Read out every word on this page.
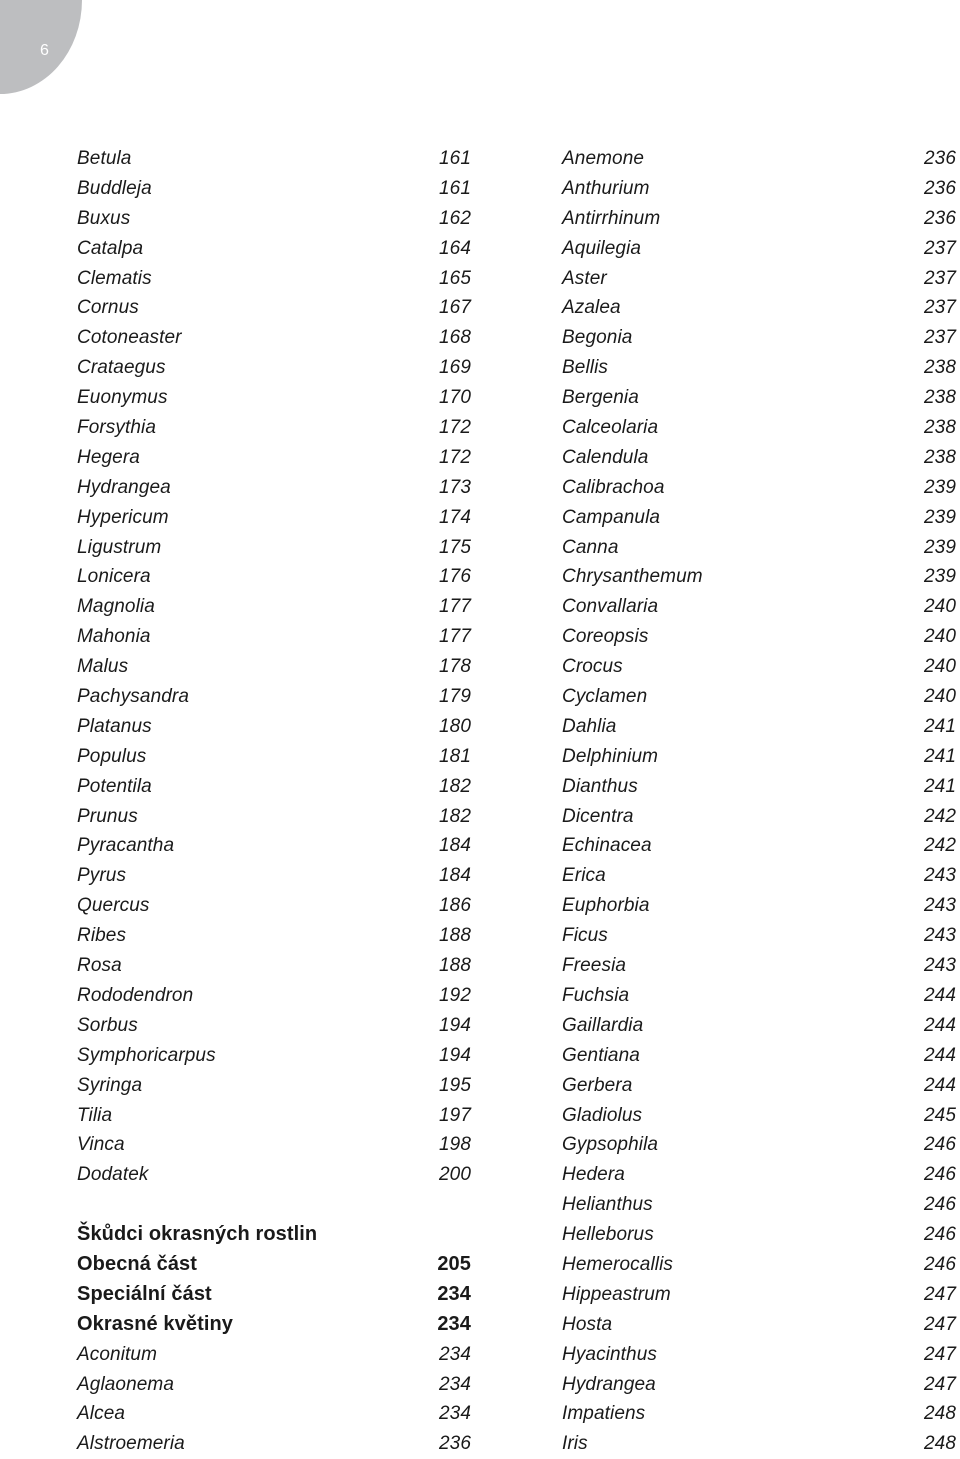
6
Betula	161
Buddleja	161
Buxus	162
Catalpa	164
Clematis	165
Cornus	167
Cotoneaster	168
Crataegus	169
Euonymus	170
Forsythia	172
Hegera	172
Hydrangea	173
Hypericum	174
Ligustrum	175
Lonicera	176
Magnolia	177
Mahonia	177
Malus	178
Pachysandra	179
Platanus	180
Populus	181
Potentila	182
Prunus	182
Pyracantha	184
Pyrus	184
Quercus	186
Ribes	188
Rosa	188
Rododendron	192
Sorbus	194
Symphoricarpus	194
Syringa	195
Tilia	197
Vinca	198
Dodatek	200
Škůdci okrasných rostlin
Obecná část	205
Speciální část	234
Okrasné květiny	234
Aconitum	234
Aglaonema	234
Alcea	234
Alstroemeria	236
Anemone	236
Anthurium	236
Antirrhinum	236
Aquilegia	237
Aster	237
Azalea	237
Begonia	237
Bellis	238
Bergenia	238
Calceolaria	238
Calendula	238
Calibrachoa	239
Campanula	239
Canna	239
Chrysanthemum	239
Convallaria	240
Coreopsis	240
Crocus	240
Cyclamen	240
Dahlia	241
Delphinium	241
Dianthus	241
Dicentra	242
Echinacea	242
Erica	243
Euphorbia	243
Ficus	243
Freesia	243
Fuchsia	244
Gaillardia	244
Gentiana	244
Gerbera	244
Gladiolus	245
Gypsophila	246
Hedera	246
Helianthus	246
Helleborus	246
Hemerocallis	246
Hippeastrum	247
Hosta	247
Hyacinthus	247
Hydrangea	247
Impatiens	248
Iris	248
